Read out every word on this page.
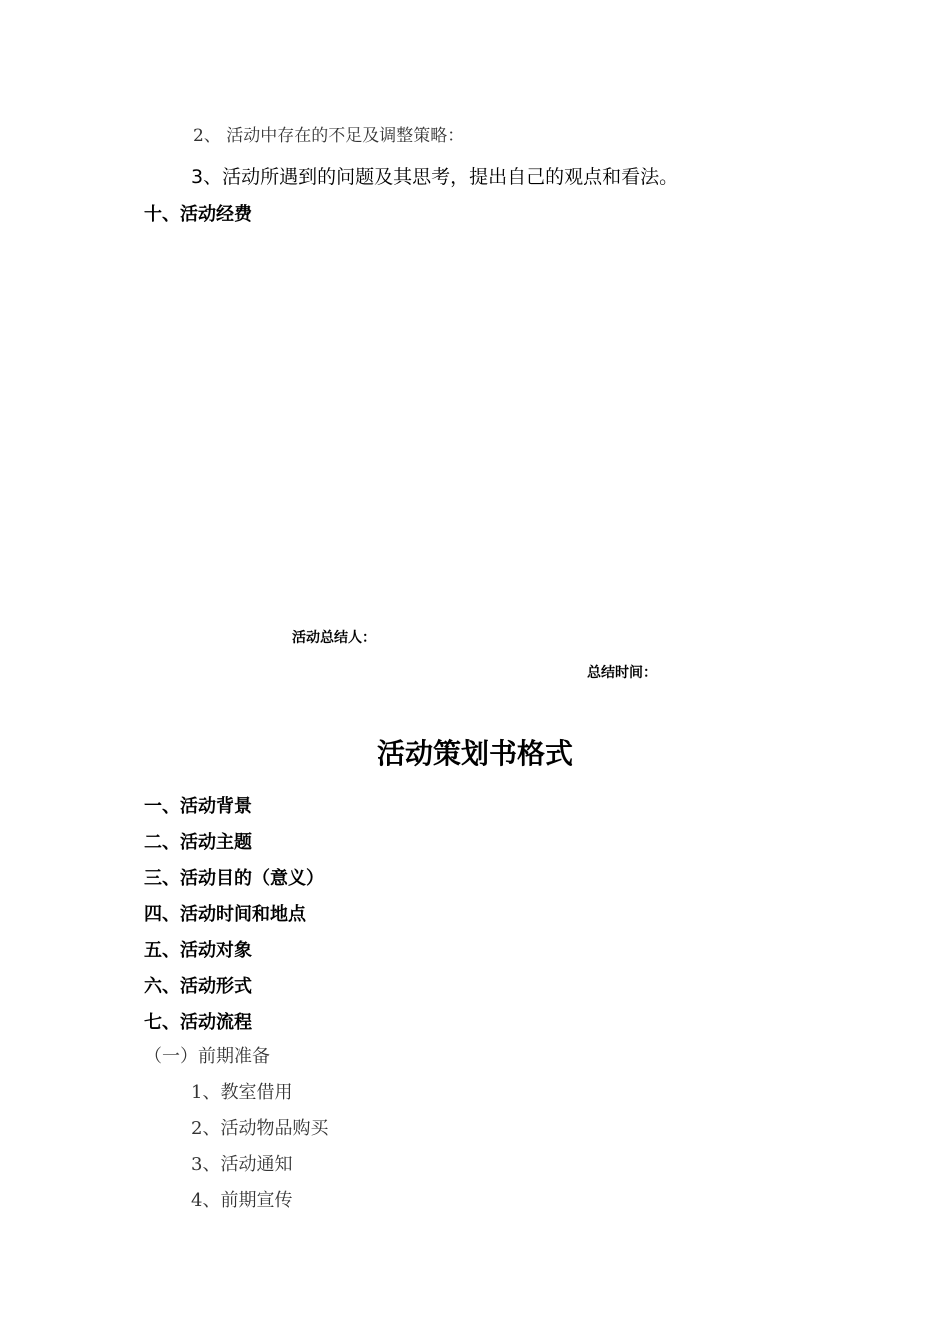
2、 活动中存在的不足及调整策略：
3、活动所遇到的问题及其思考，提出自己的观点和看法。
十、活动经费
活动总结人：
总结时间：
活动策划书格式
一、活动背景
二、活动主题
三、活动目的（意义）
四、活动时间和地点
五、活动对象
六、活动形式
七、活动流程
（一）前期准备
1、教室借用
2、活动物品购买
3、活动通知
4、前期宣传
